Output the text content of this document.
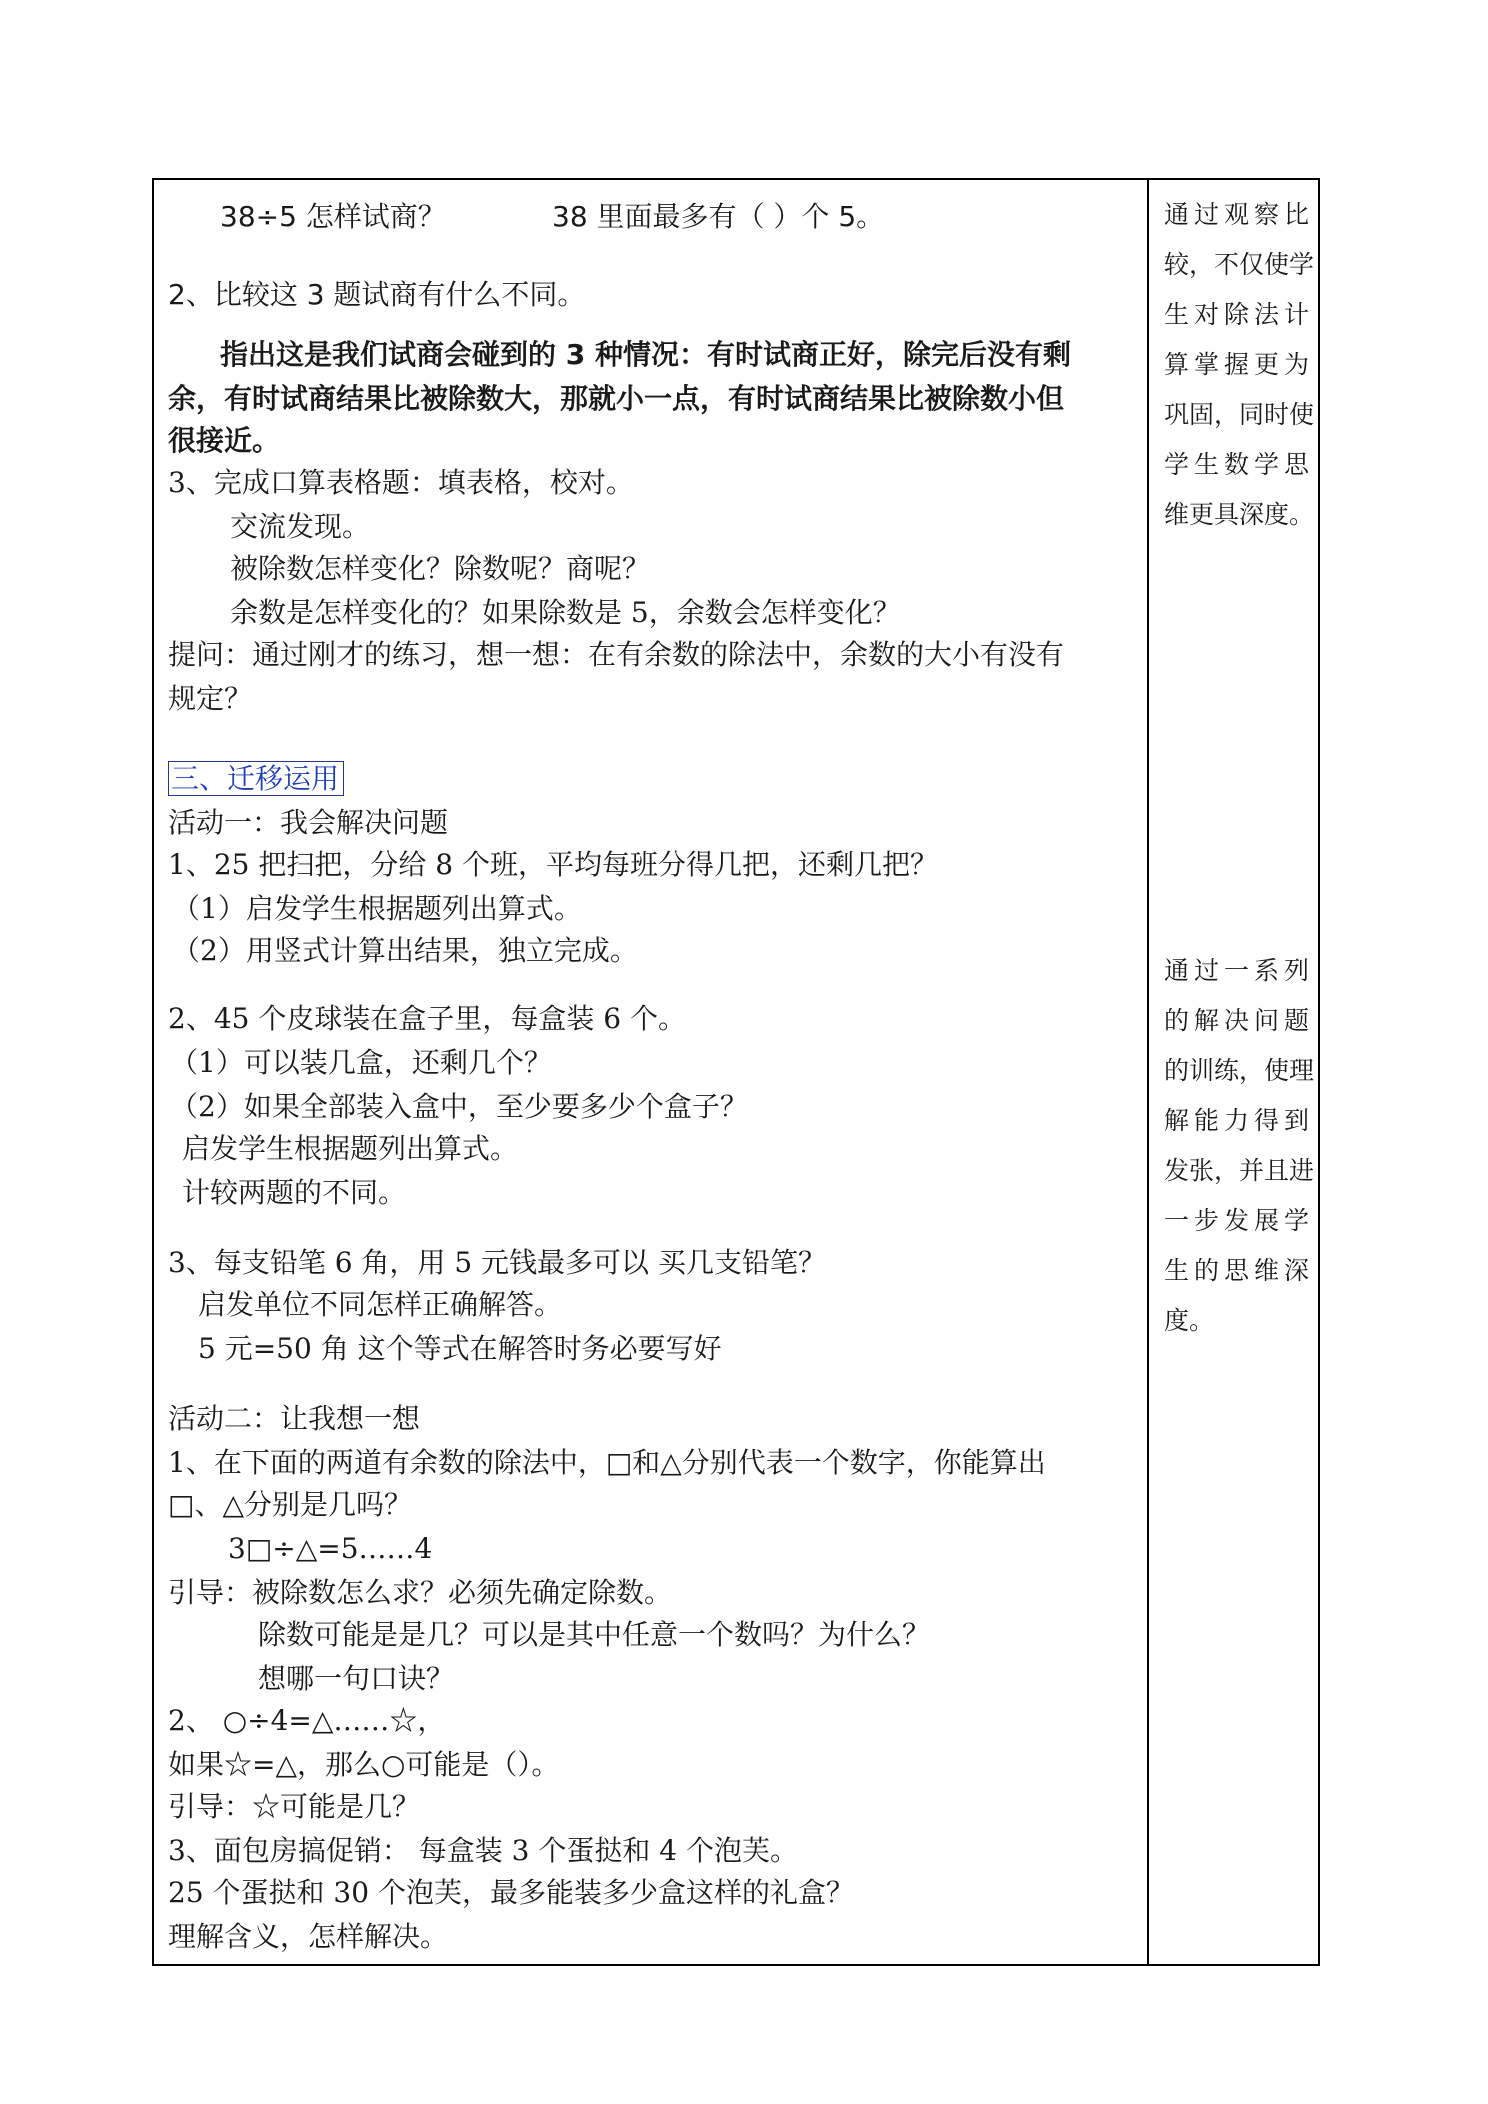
38÷5 怎样试商？	38 里面最多有（ ）个 5。
2、比较这 3 题试商有什么不同。
指出这是我们试商会碰到的 3 种情况：有时试商正好，除完后没有剩
余，有时试商结果比被除数大，那就小一点，有时试商结果比被除数小但
很接近。
3、完成口算表格题：填表格，校对。
交流发现。
被除数怎样变化？除数呢？商呢？
余数是怎样变化的？如果除数是 5，余数会怎样变化？
提问：通过刚才的练习，想一想：在有余数的除法中，余数的大小有没有
规定？
三、迁移运用
活动一：我会解决问题
1、25 把扫把，分给 8 个班，平均每班分得几把，还剩几把？
（1）启发学生根据题列出算式。
（2）用竖式计算出结果，独立完成。
2、45 个皮球装在盒子里，每盒装 6 个。
（1）可以装几盒，还剩几个？
（2）如果全部装入盒中，至少要多少个盒子？
启发学生根据题列出算式。
计较两题的不同。
3、每支铅笔 6 角，用 5 元钱最多可以 买几支铅笔？
启发单位不同怎样正确解答。
5 元=50 角 这个等式在解答时务必要写好
活动二：让我想一想
1、在下面的两道有余数的除法中，□和△分别代表一个数字，你能算出
□、△分别是几吗？
3□÷△=5……4
引导：被除数怎么求？必须先确定除数。
除数可能是是几？可以是其中任意一个数吗？为什么？
想哪一句口诀？
2、 ○÷4=△……☆，
如果☆=△，那么○可能是（）。
引导：☆可能是几？
3、面包房搞促销： 每盒装 3 个蛋挞和 4 个泡芙。
25 个蛋挞和 30 个泡芙，最多能装多少盒这样的礼盒？
理解含义，怎样解决。
通过观察比
较，不仅使学
生对除法计
算掌握更为
巩固，同时使
学生数学思
维更具深度。
通过一系列
的解决问题
的训练，使理
解能力得到
发张，并且进
一步发展学
生的思维深
度。
